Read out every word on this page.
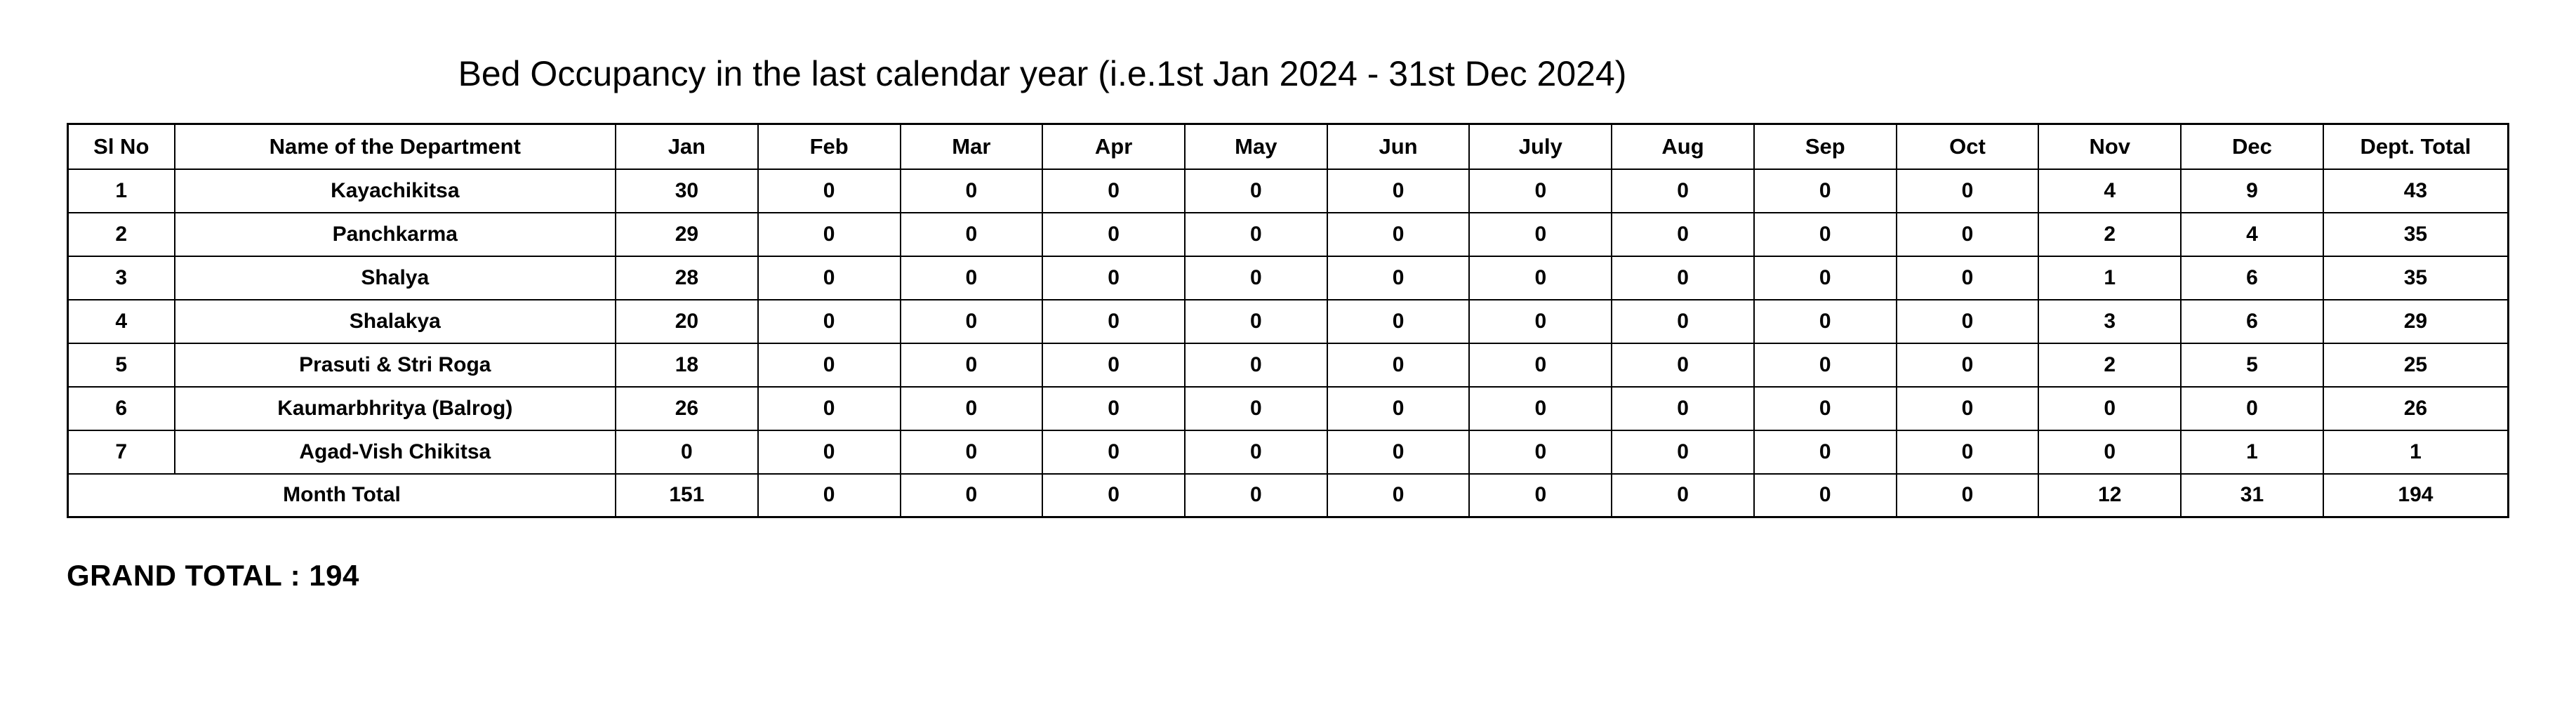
Bed Occupancy in the last calendar year (i.e.1st Jan 2024 - 31st Dec 2024)
Sl No	Name of the Department	Jan	Feb	Mar	Apr	May	Jun	July	Aug	Sep	Oct	Nov	Dec	Dept. Total
1	Kayachikitsa	30	0	0	0	0	0	0	0	0	0	4	9	43
2	Panchkarma	29	0	0	0	0	0	0	0	0	0	2	4	35
3	Shalya	28	0	0	0	0	0	0	0	0	0	1	6	35
4	Shalakya	20	0	0	0	0	0	0	0	0	0	3	6	29
5	Prasuti & Stri Roga	18	0	0	0	0	0	0	0	0	0	2	5	25
6	Kaumarbhritya (Balrog)	26	0	0	0	0	0	0	0	0	0	0	0	26
7	Agad-Vish Chikitsa	0	0	0	0	0	0	0	0	0	0	0	1	1
Month Total		151	0	0	0	0	0	0	0	0	0	12	31	194
GRAND TOTAL : 194
